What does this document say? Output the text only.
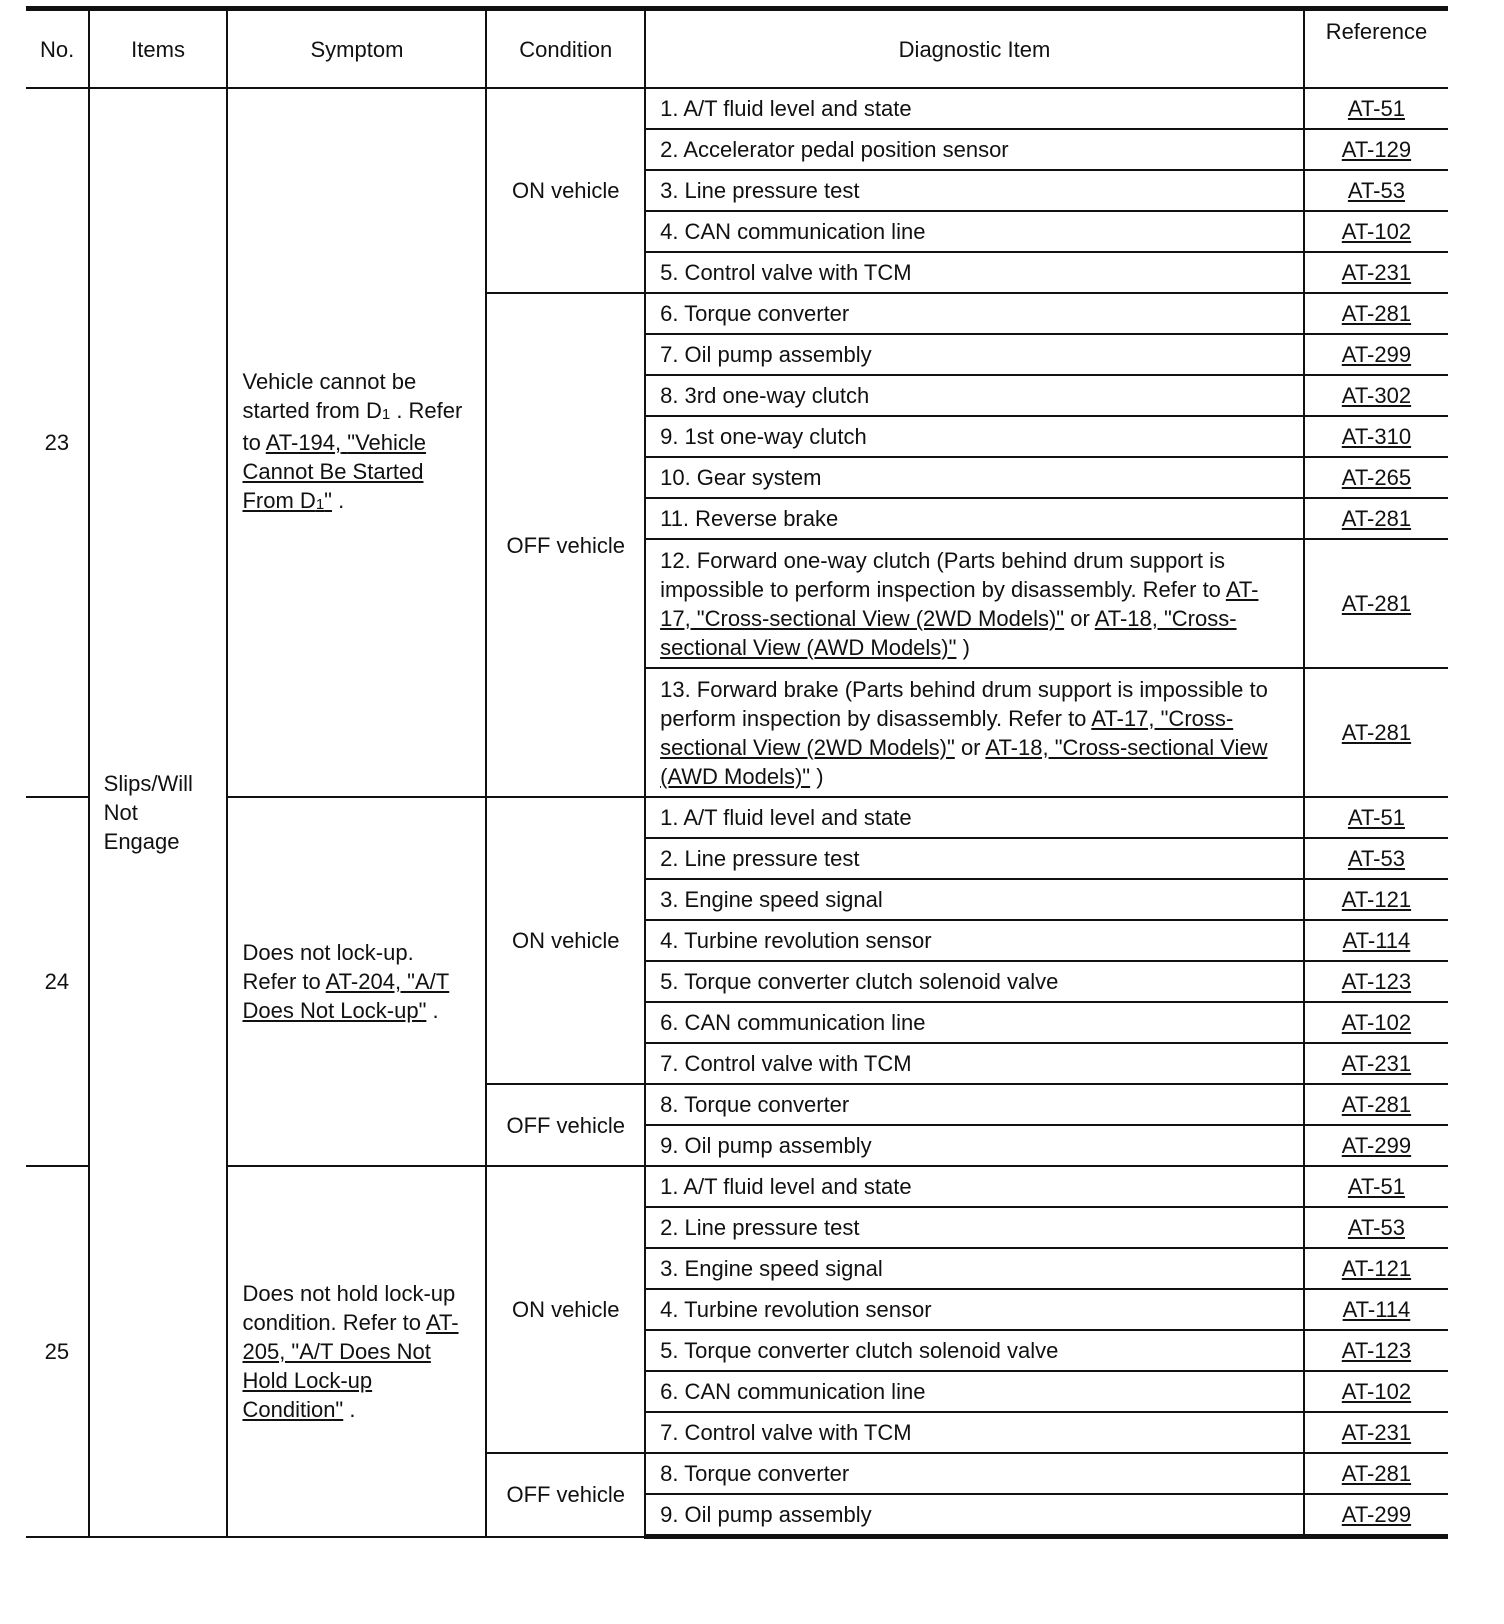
No.	Items	Symptom	Condition	Diagnostic Item	Reference
23	Slips/Will Not Engage	Vehicle cannot be started from $D_1$ . Refer to AT-194, "Vehicle Cannot Be Started From $D_1$" .	ON vehicle	1. A/T fluid level and state	AT-51
				2. Accelerator pedal position sensor	AT-129
				3. Line pressure test	AT-53
				4. CAN communication line	AT-102
				5. Control valve with TCM	AT-231
			OFF vehicle	6. Torque converter	AT-281
				7. Oil pump assembly	AT-299
				8. 3rd one-way clutch	AT-302
				9. 1st one-way clutch	AT-310
				10. Gear system	AT-265
				11. Reverse brake	AT-281
				12. Forward one-way clutch (Parts behind drum support is impossible to perform inspection by disassembly. Refer to AT-17, "Cross-sectional View (2WD Models)" or AT-18, "Cross-sectional View (AWD Models)" )	AT-281
				13. Forward brake (Parts behind drum support is impossible to perform inspection by disassembly. Refer to AT-17, "Cross-sectional View (2WD Models)" or AT-18, "Cross-sectional View (AWD Models)" )	AT-281
24		Does not lock-up. Refer to AT-204, "A/T Does Not Lock-up" .	ON vehicle	1. A/T fluid level and state	AT-51
				2. Line pressure test	AT-53
				3. Engine speed signal	AT-121
				4. Turbine revolution sensor	AT-114
				5. Torque converter clutch solenoid valve	AT-123
				6. CAN communication line	AT-102
				7. Control valve with TCM	AT-231
			OFF vehicle	8. Torque converter	AT-281
				9. Oil pump assembly	AT-299
25		Does not hold lock-up condition. Refer to AT-205, "A/T Does Not Hold Lock-up Condition" .	ON vehicle	1. A/T fluid level and state	AT-51
				2. Line pressure test	AT-53
				3. Engine speed signal	AT-121
				4. Turbine revolution sensor	AT-114
				5. Torque converter clutch solenoid valve	AT-123
				6. CAN communication line	AT-102
				7. Control valve with TCM	AT-231
			OFF vehicle	8. Torque converter	AT-281
				9. Oil pump assembly	AT-299
